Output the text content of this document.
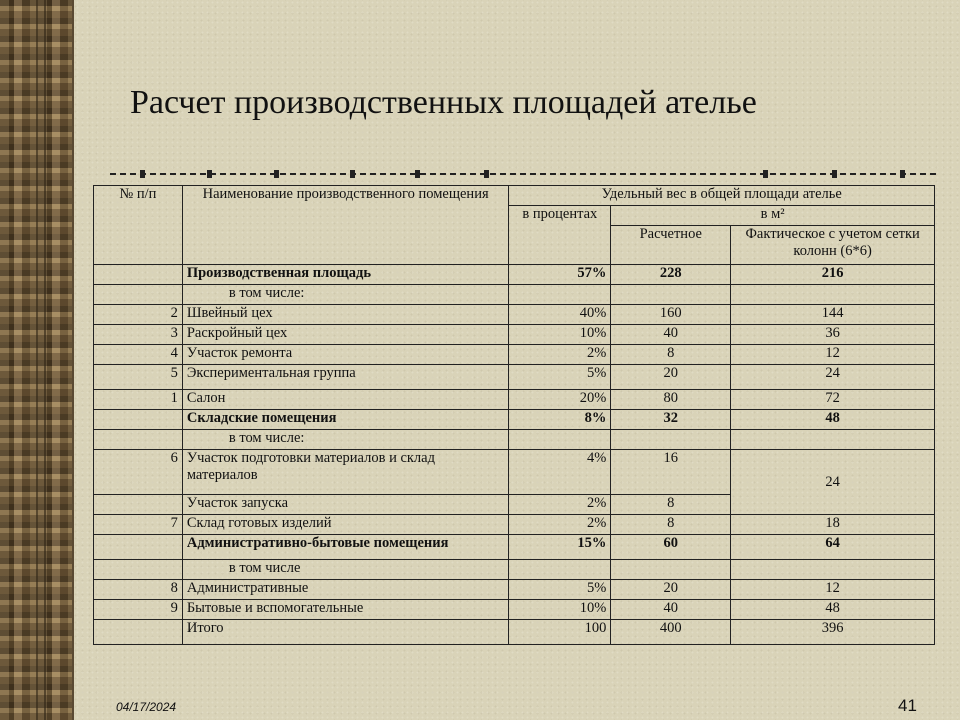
Расчет производственных площадей ателье
№ п/п	Наименование производственного помещения	Удельный вес в общей площади ателье		
		в процентах	в м²	
			Расчетное	Фактическое с учетом сетки колонн (6*6)
	Производственная площадь	57%	228	216
	в том числе:			
2	Швейный цех	40%	160	144
3	Раскройный цех	10%	40	36
4	Участок ремонта	2%	8	12
5	Экспериментальная группа	5%	20	24
1	Салон	20%	80	72
	Складские помещения	8%	32	48
	в том числе:			
6	Участок подготовки материалов и склад материалов	4%	16	24
	Участок запуска	2%	8	
7	Склад готовых изделий	2%	8	18
	Административно-бытовые помещения	15%	60	64
	в том числе			
8	Административные	5%	20	12
9	Бытовые и вспомогательные	10%	40	48
	Итого	100	400	396
04/17/2024	41
